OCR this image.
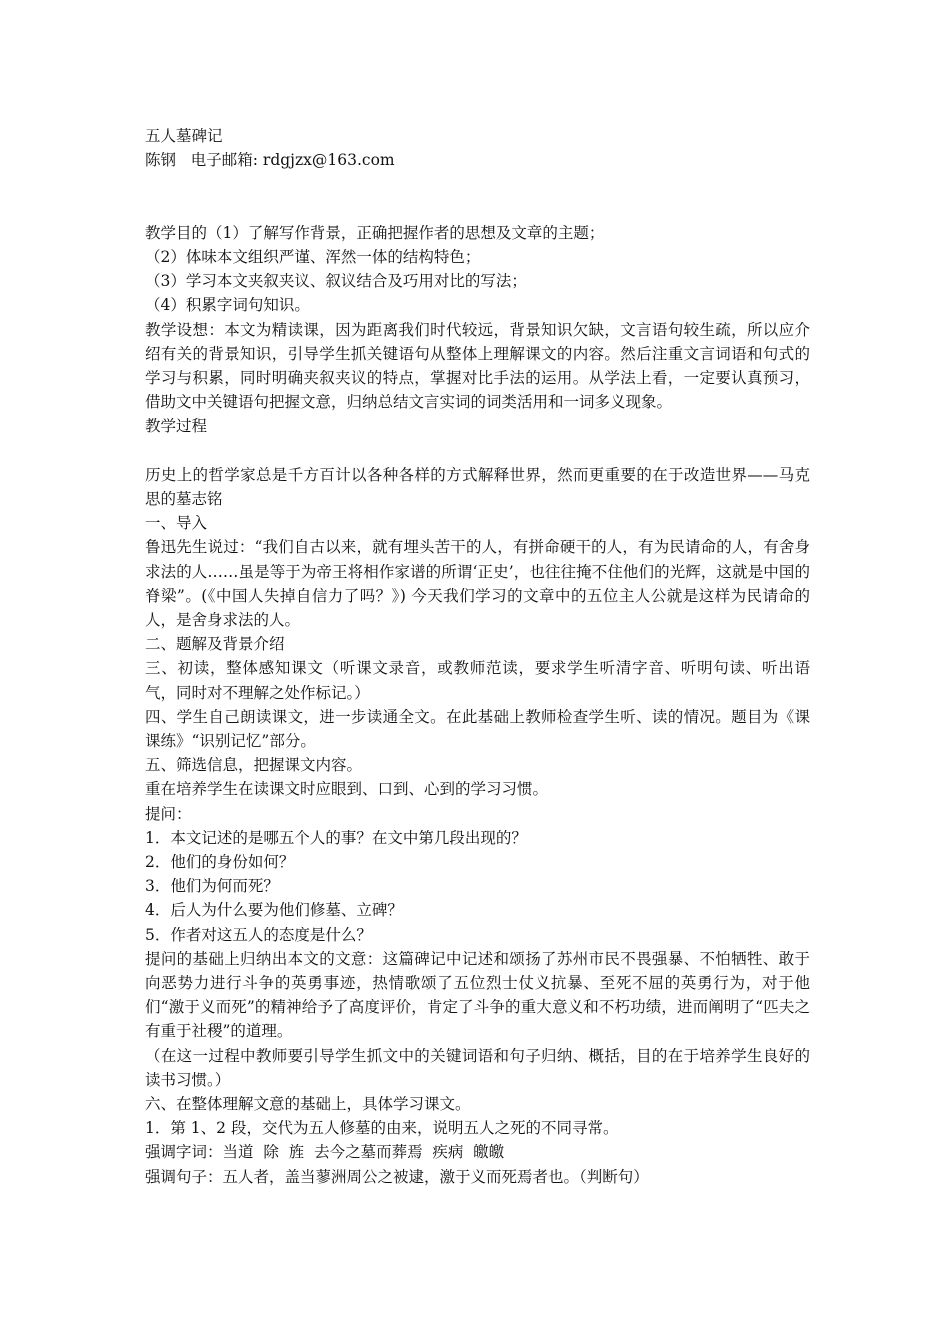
五人墓碑记
陈钢   电子邮箱: rdgjzx@163.com
教学目的（1）了解写作背景，正确把握作者的思想及文章的主题；
（2）体味本文组织严谨、浑然一体的结构特色；
（3）学习本文夹叙夹议、叙议结合及巧用对比的写法；
（4）积累字词句知识。
教学设想：本文为精读课，因为距离我们时代较远，背景知识欠缺，文言语句较生疏，所以应介绍有关的背景知识，引导学生抓关键语句从整体上理解课文的内容。然后注重文言词语和句式的学习与积累，同时明确夹叙夹议的特点，掌握对比手法的运用。从学法上看，一定要认真预习，借助文中关键语句把握文意，归纳总结文言实词的词类活用和一词多义现象。
教学过程
历史上的哲学家总是千方百计以各种各样的方式解释世界，然而更重要的在于改造世界——马克思的墓志铭
一、导入
鲁迅先生说过：“我们自古以来，就有埋头苦干的人，有拼命硬干的人，有为民请命的人，有舍身求法的人……虽是等于为帝王将相作家谱的所谓‘正史’，也往往掩不住他们的光辉，这就是中国的脊梁”。(《中国人失掉自信力了吗？》) 今天我们学习的文章中的五位主人公就是这样为民请命的人，是舍身求法的人。
二、题解及背景介绍
三、初读，整体感知课文（听课文录音，或教师范读，要求学生听清字音、听明句读、听出语气，同时对不理解之处作标记。）
四、学生自己朗读课文，进一步读通全文。在此基础上教师检查学生听、读的情况。题目为《课课练》“识别记忆”部分。
五、筛选信息，把握课文内容。
重在培养学生在读课文时应眼到、口到、心到的学习习惯。
提问：
1．本文记述的是哪五个人的事？在文中第几段出现的？
2．他们的身份如何？
3．他们为何而死？
4．后人为什么要为他们修墓、立碑？
5．作者对这五人的态度是什么？
提问的基础上归纳出本文的文意：这篇碑记中记述和颂扬了苏州市民不畏强暴、不怕牺牲、敢于向恶势力进行斗争的英勇事迹，热情歌颂了五位烈士仗义抗暴、至死不屈的英勇行为，对于他们“激于义而死”的精神给予了高度评价，肯定了斗争的重大意义和不朽功绩，进而阐明了“匹夫之有重于社稷”的道理。
（在这一过程中教师要引导学生抓文中的关键词语和句子归纳、概括，目的在于培养学生良好的读书习惯。）
六、在整体理解文意的基础上，具体学习课文。
1．第 1、2 段，交代为五人修墓的由来，说明五人之死的不同寻常。
强调字词：当道  除  旌  去今之墓而葬焉  疾病  皦皦
强调句子：五人者，盖当蓼洲周公之被逮，激于义而死焉者也。（判断句）
